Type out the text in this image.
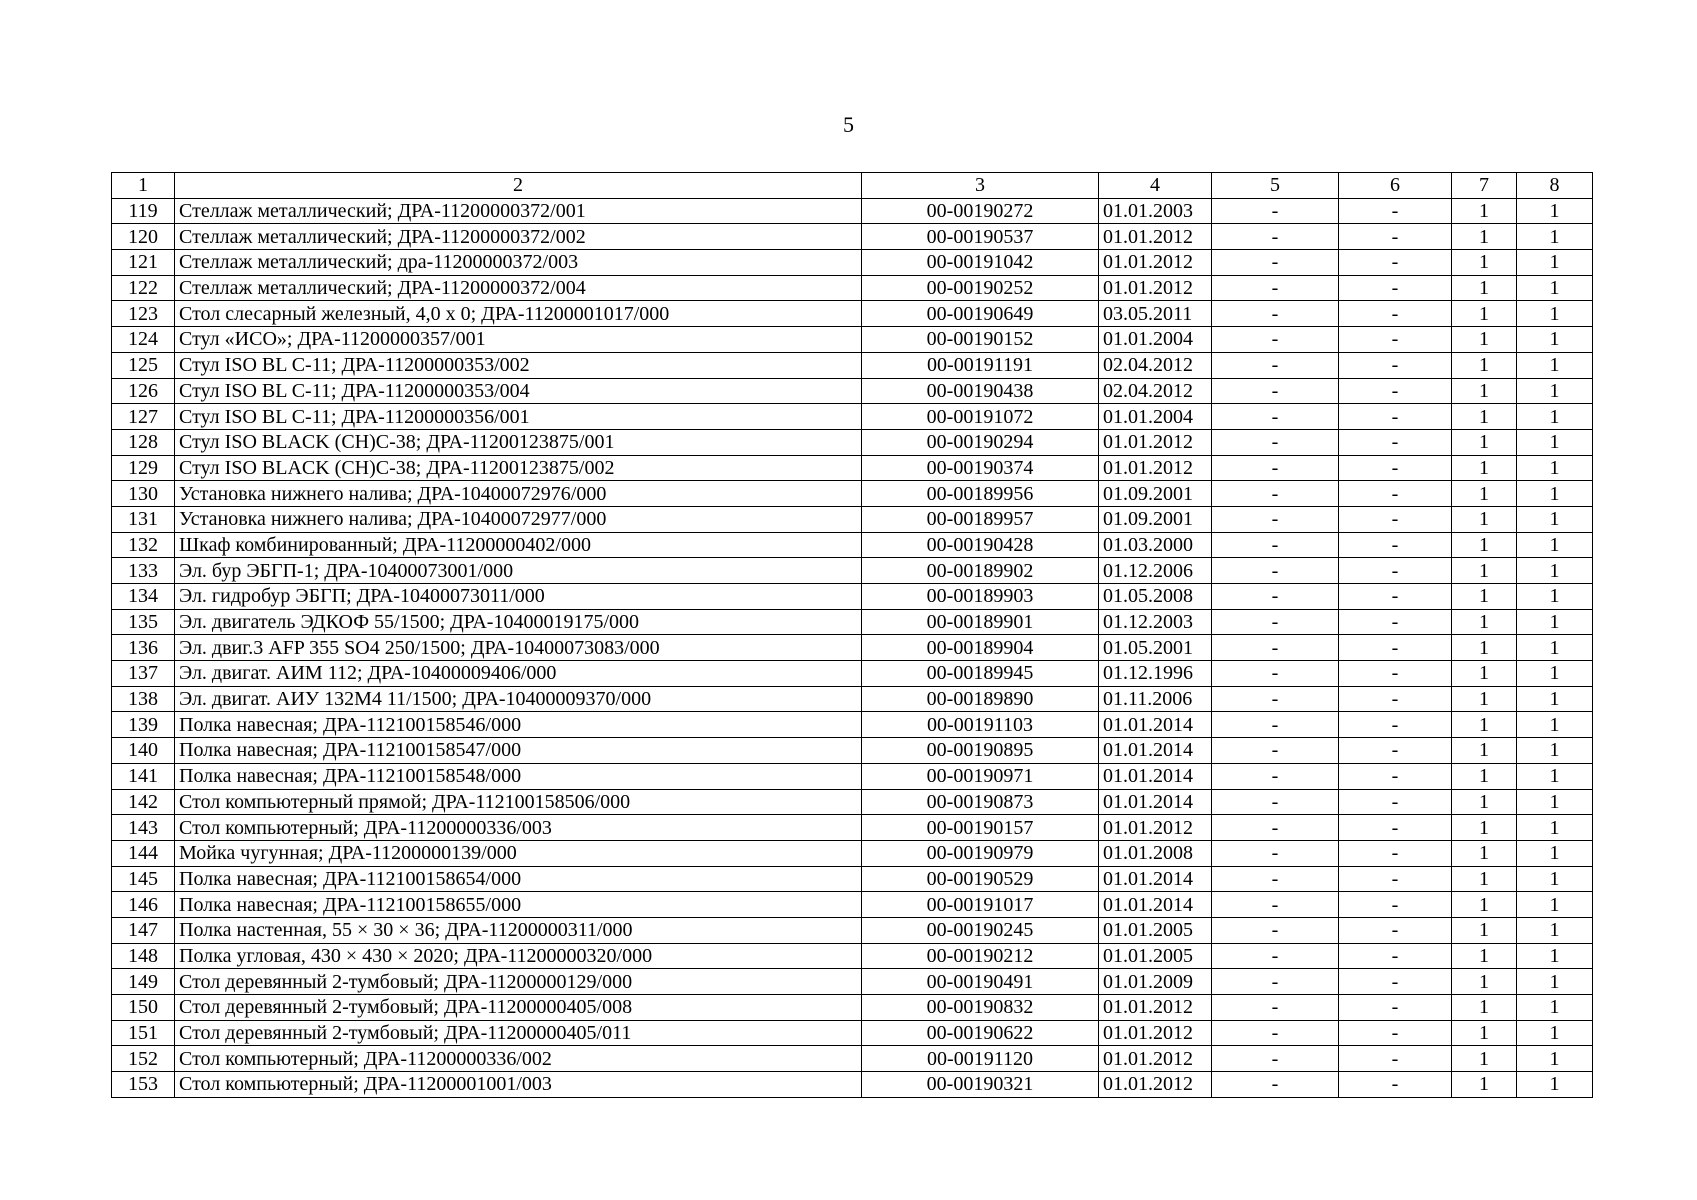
5
1	2	3	4	5	6	7	8
119	Стеллаж металлический; ДРА-11200000372/001	00-00190272	01.01.2003	-	-	1	1
120	Стеллаж металлический; ДРА-11200000372/002	00-00190537	01.01.2012	-	-	1	1
121	Стеллаж металлический; дра-11200000372/003	00-00191042	01.01.2012	-	-	1	1
122	Стеллаж металлический; ДРА-11200000372/004	00-00190252	01.01.2012	-	-	1	1
123	Стол слесарный железный, 4,0 х 0; ДРА-11200001017/000	00-00190649	03.05.2011	-	-	1	1
124	Стул «ИСО»; ДРА-11200000357/001	00-00190152	01.01.2004	-	-	1	1
125	Стул ISO BL С-11; ДРА-11200000353/002	00-00191191	02.04.2012	-	-	1	1
126	Стул ISO BL С-11; ДРА-11200000353/004	00-00190438	02.04.2012	-	-	1	1
127	Стул ISO BL С-11; ДРА-11200000356/001	00-00191072	01.01.2004	-	-	1	1
128	Стул ISO BLACK (CH)C-38; ДРА-11200123875/001	00-00190294	01.01.2012	-	-	1	1
129	Стул ISO BLACK (CH)C-38; ДРА-11200123875/002	00-00190374	01.01.2012	-	-	1	1
130	Установка нижнего налива; ДРА-10400072976/000	00-00189956	01.09.2001	-	-	1	1
131	Установка нижнего налива; ДРА-10400072977/000	00-00189957	01.09.2001	-	-	1	1
132	Шкаф комбинированный; ДРА-11200000402/000	00-00190428	01.03.2000	-	-	1	1
133	Эл. бур ЭБГП-1; ДРА-10400073001/000	00-00189902	01.12.2006	-	-	1	1
134	Эл. гидробур ЭБГП; ДРА-10400073011/000	00-00189903	01.05.2008	-	-	1	1
135	Эл. двигатель ЭДКОФ 55/1500; ДРА-10400019175/000	00-00189901	01.12.2003	-	-	1	1
136	Эл. двиг.3 AFP 355 SO4 250/1500; ДРА-10400073083/000	00-00189904	01.05.2001	-	-	1	1
137	Эл. двигат. АИМ 112; ДРА-10400009406/000	00-00189945	01.12.1996	-	-	1	1
138	Эл. двигат. АИУ 132М4 11/1500; ДРА-10400009370/000	00-00189890	01.11.2006	-	-	1	1
139	Полка навесная; ДРА-112100158546/000	00-00191103	01.01.2014	-	-	1	1
140	Полка навесная; ДРА-112100158547/000	00-00190895	01.01.2014	-	-	1	1
141	Полка навесная; ДРА-112100158548/000	00-00190971	01.01.2014	-	-	1	1
142	Стол компьютерный прямой; ДРА-112100158506/000	00-00190873	01.01.2014	-	-	1	1
143	Стол компьютерный; ДРА-11200000336/003	00-00190157	01.01.2012	-	-	1	1
144	Мойка чугунная; ДРА-11200000139/000	00-00190979	01.01.2008	-	-	1	1
145	Полка навесная; ДРА-112100158654/000	00-00190529	01.01.2014	-	-	1	1
146	Полка навесная; ДРА-112100158655/000	00-00191017	01.01.2014	-	-	1	1
147	Полка настенная, 55 × 30 × 36; ДРА-11200000311/000	00-00190245	01.01.2005	-	-	1	1
148	Полка угловая, 430 × 430 × 2020; ДРА-11200000320/000	00-00190212	01.01.2005	-	-	1	1
149	Стол деревянный 2-тумбовый; ДРА-11200000129/000	00-00190491	01.01.2009	-	-	1	1
150	Стол деревянный 2-тумбовый; ДРА-11200000405/008	00-00190832	01.01.2012	-	-	1	1
151	Стол деревянный 2-тумбовый; ДРА-11200000405/011	00-00190622	01.01.2012	-	-	1	1
152	Стол компьютерный; ДРА-11200000336/002	00-00191120	01.01.2012	-	-	1	1
153	Стол компьютерный; ДРА-11200001001/003	00-00190321	01.01.2012	-	-	1	1
